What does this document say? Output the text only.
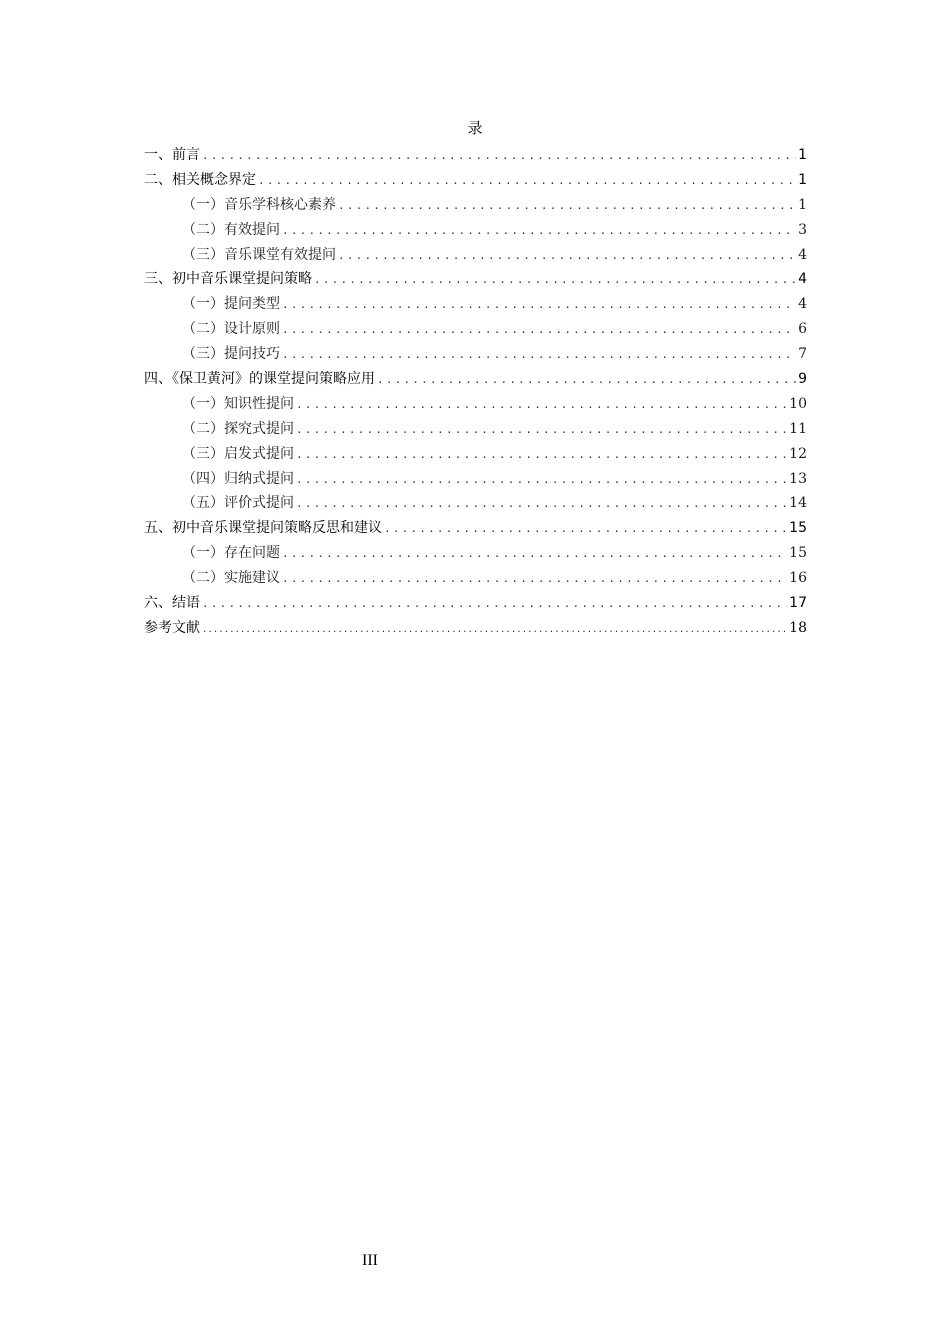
录
一、前言 .....	1
二、相关概念界定 .....	1
（一）音乐学科核心素养 .....	1
（二）有效提问 .....	3
（三）音乐课堂有效提问 .....	4
三、初中音乐课堂提问策略 .....	4
（一）提问类型 .....	4
（二）设计原则 .....	6
（三）提问技巧 .....	7
四、《保卫黄河》的课堂提问策略应用 .....	9
（一）知识性提问 .....	10
（二）探究式提问 .....	11
（三）启发式提问 .....	12
（四）归纳式提问 .....	13
（五）评价式提问 .....	14
五、初中音乐课堂提问策略反思和建议 .....	15
（一）存在问题 .....	15
（二）实施建议 .....	16
六、结语 .....	17
参考文献 .....	18
III
